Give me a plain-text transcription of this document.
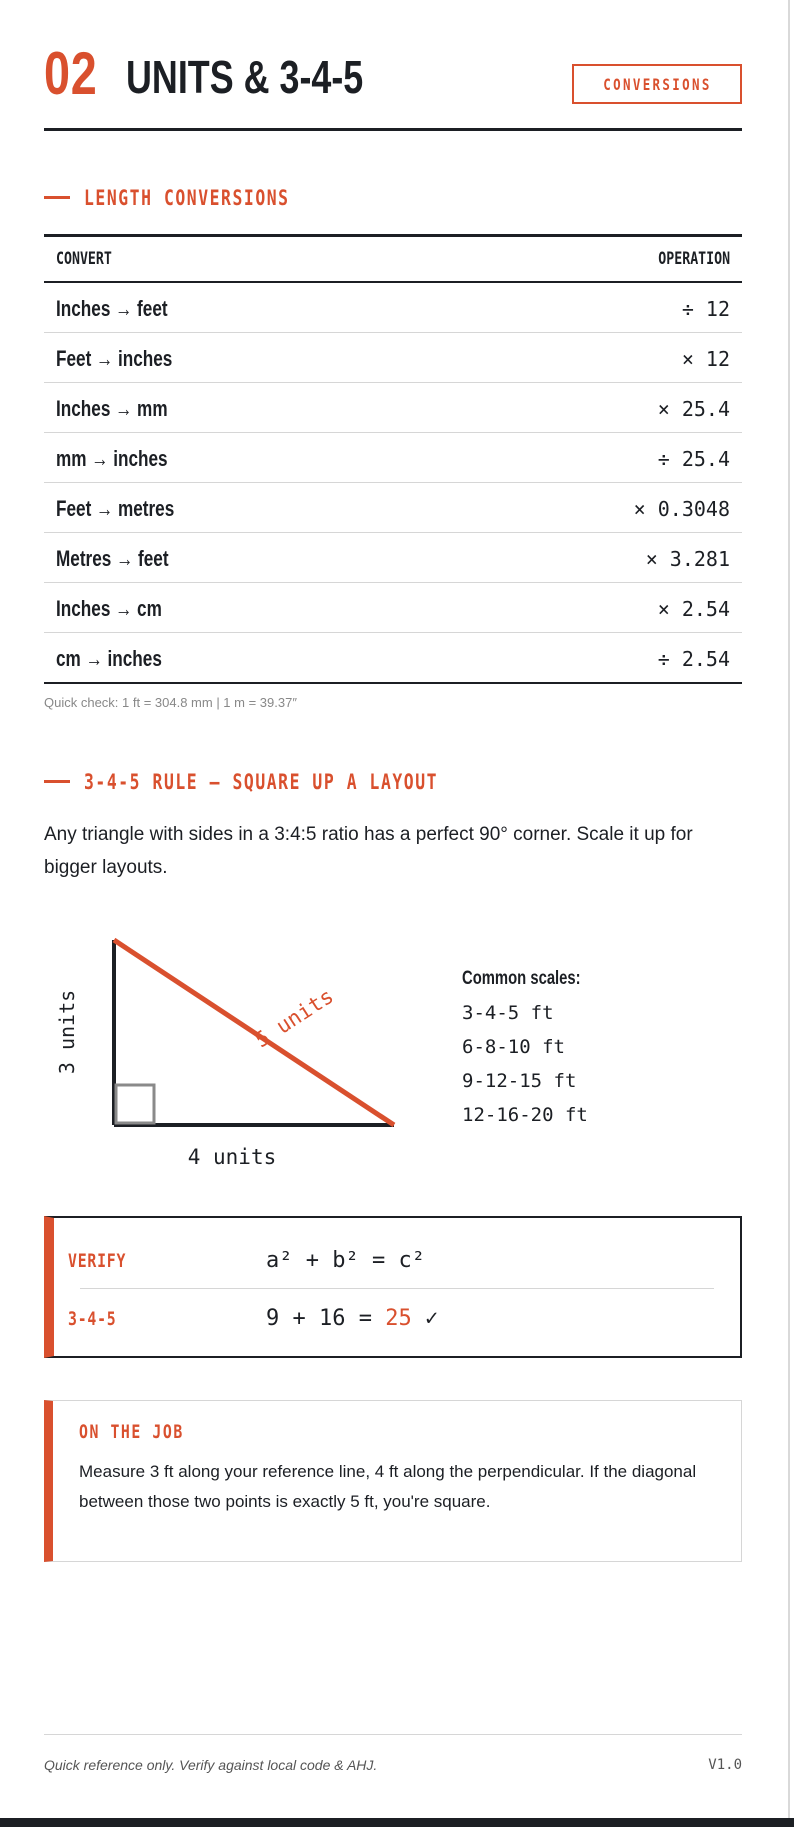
02 UNITS & 3-4-5	CONVERSIONS
LENGTH CONVERSIONS
CONVERT	OPERATION
Inches → feet	÷ 12
Feet → inches	× 12
Inches → mm	× 25.4
mm → inches	÷ 25.4
Feet → metres	× 0.3048
Metres → feet	× 3.281
Inches → cm	× 2.54
cm → inches	÷ 2.54
Quick check: 1 ft = 304.8 mm | 1 m = 39.37″
3-4-5 RULE — SQUARE UP A LAYOUT
Any triangle with sides in a 3:4:5 ratio has a perfect 90° corner. Scale it up for bigger layouts.
3 units
4 units
5 units
Common scales:
3-4-5 ft
6-8-10 ft
9-12-15 ft
12-16-20 ft
VERIFY	a² + b² = c²
3-4-5	9 + 16 = 25 ✓
ON THE JOB
Measure 3 ft along your reference line, 4 ft along the perpendicular. If the diagonal between those two points is exactly 5 ft, you're square.
Quick reference only. Verify against local code & AHJ.	V1.0
